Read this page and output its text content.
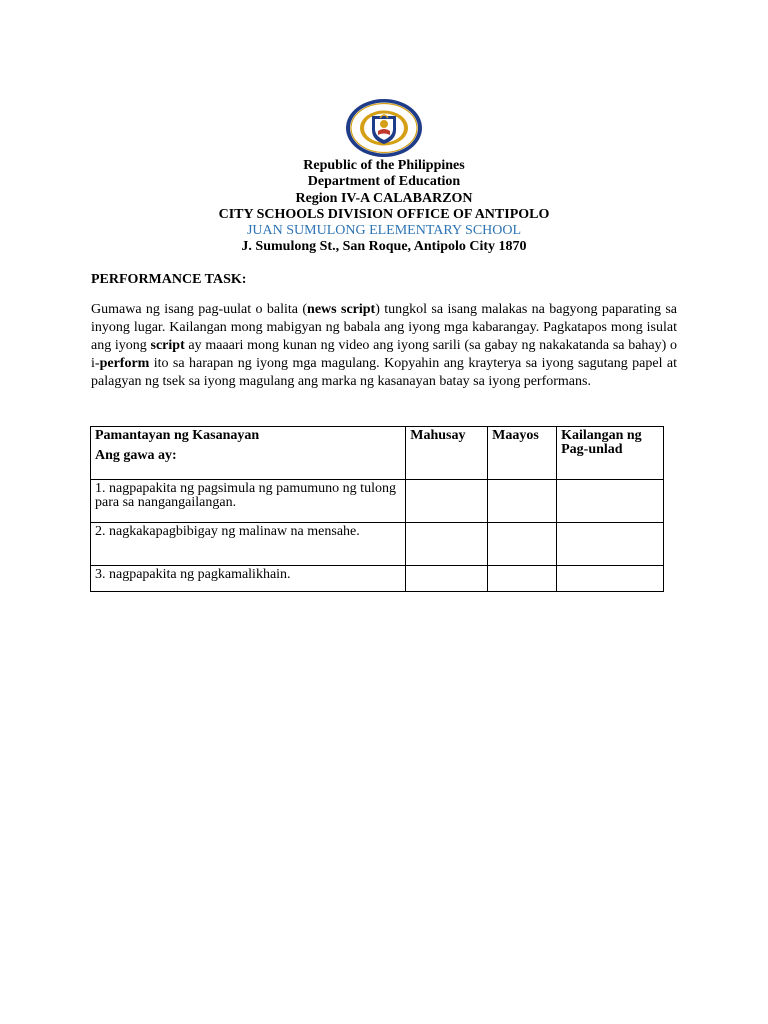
Republic of the Philippines
Department of Education
Region IV-A CALABARZON
CITY SCHOOLS DIVISION OFFICE OF ANTIPOLO
JUAN SUMULONG ELEMENTARY SCHOOL
J. Sumulong St., San Roque, Antipolo City 1870
PERFORMANCE TASK:

Gumawa ng isang pag-uulat o balita (news script) tungkol sa isang malakas na bagyong paparating sa inyong lugar. Kailangan mong mabigyan ng babala ang iyong mga kabarangay. Pagkatapos mong isulat ang iyong script ay maaari mong kunan ng video ang iyong sarili (sa gabay ng nakakatanda sa bahay) o i-perform ito sa harapan ng iyong mga magulang. Kopyahin ang krayterya sa iyong sagutang papel at palagyan ng tsek sa iyong magulang ang marka ng kasanayan batay sa iyong performans.

Pamantayan ng Kasanayan
Ang gawa ay:	Mahusay	Maayos	Kailangan ng Pag-unlad
1. nagpapakita ng pagsimula ng pamumuno ng tulong para sa nangangailangan.			
2. nagkakapagbibigay ng malinaw na mensahe.			
3. nagpapakita ng pagkamalikhain.			
